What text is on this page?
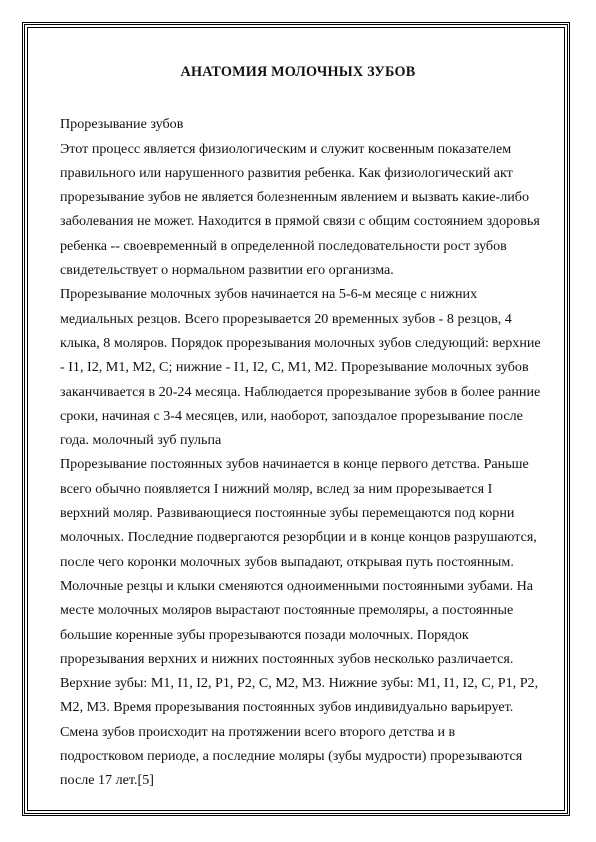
АНАТОМИЯ МОЛОЧНЫХ ЗУБОВ
Прорезывание зубов
Этот процесс является физиологическим и служит косвенным показателем
правильного или нарушенного развития ребенка. Как физиологический акт
прорезывание зубов не является болезненным явлением и вызвать какие-либо
заболевания не может. Находится в прямой связи с общим состоянием здоровья
ребенка -- своевременный в определенной последовательности рост зубов
свидетельствует о нормальном развитии его организма.
Прорезывание молочных зубов начинается на 5-6-м месяце с нижних
медиальных резцов. Всего прорезывается 20 временных зубов - 8 резцов, 4
клыка, 8 моляров. Порядок прорезывания молочных зубов следующий: верхние
- I1, I2, M1, M2, C; нижние - I1, I2, C, M1, M2. Прорезывание молочных зубов
заканчивается в 20-24 месяца. Наблюдается прорезывание зубов в более ранние
сроки, начиная с 3-4 месяцев, или, наоборот, запоздалое прорезывание после
года. молочный зуб пульпа
Прорезывание постоянных зубов начинается в конце первого детства. Раньше
всего обычно появляется I нижний моляр, вслед за ним прорезывается I
верхний моляр. Развивающиеся постоянные зубы перемещаются под корни
молочных. Последние подвергаются резорбции и в конце концов разрушаются,
после чего коронки молочных зубов выпадают, открывая путь постоянным.
Молочные резцы и клыки сменяются одноименными постоянными зубами. На
месте молочных моляров вырастают постоянные премоляры, а постоянные
большие коренные зубы прорезываются позади молочных. Порядок
прорезывания верхних и нижних постоянных зубов несколько различается.
Верхние зубы: M1, I1, I2, P1, P2, C, M2, M3. Нижние зубы: M1, I1, I2, C, P1, P2,
M2, M3. Время прорезывания постоянных зубов индивидуально варьирует.
Смена зубов происходит на протяжении всего второго детства и в
подростковом периоде, а последние моляры (зубы мудрости) прорезываются
после 17 лет.[5]
